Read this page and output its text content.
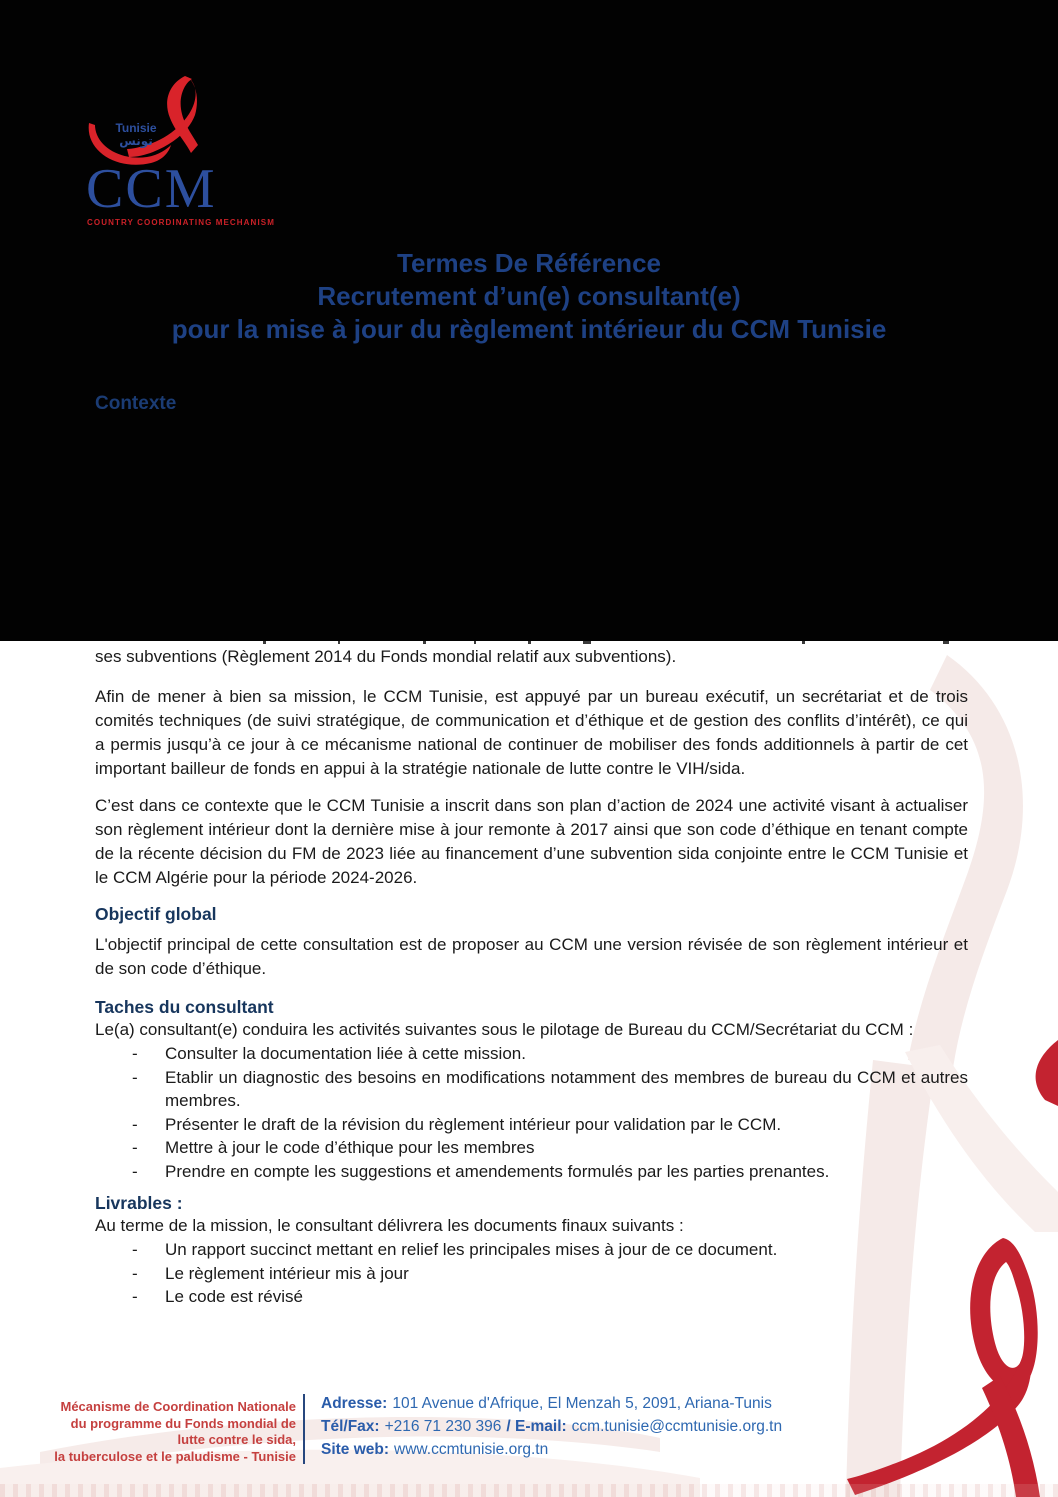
Tunisie
تونس
CCM
COUNTRY COORDINATING MECHANISM
Termes De Référence
Recrutement d’un(e) consultant(e)
pour la mise à jour du règlement intérieur du CCM Tunisie
Contexte

ses subventions (Règlement 2014 du Fonds mondial relatif aux subventions).

Afin de mener à bien sa mission, le CCM Tunisie, est appuyé par un bureau exécutif, un secrétariat et de trois comités techniques (de suivi stratégique, de communication et d’éthique et de gestion des conflits d’intérêt), ce qui a permis jusqu’à ce jour à ce mécanisme national de continuer de mobiliser des fonds additionnels à partir de cet important bailleur de fonds en appui à la stratégie nationale de lutte contre le VIH/sida.

C’est dans ce contexte que le CCM Tunisie a inscrit dans son plan d’action de 2024 une activité visant à actualiser son règlement intérieur dont la dernière mise à jour remonte à 2017 ainsi que son code d’éthique en tenant compte de la récente décision du FM de 2023 liée au financement d’une subvention sida conjointe entre le CCM Tunisie et le CCM Algérie pour la période 2024-2026.

Objectif global

L'objectif principal de cette consultation est de proposer au CCM une version révisée de son règlement intérieur et de son code d’éthique.

Taches du consultant

Le(a) consultant(e) conduira les activités suivantes sous le pilotage de Bureau du CCM/Secrétariat du CCM :

-	Consulter la documentation liée à cette mission.
-	Etablir un diagnostic des besoins en modifications notamment des membres de bureau du CCM et autres membres.
-	Présenter le draft de la révision du règlement intérieur pour validation par le CCM.
-	Mettre à jour le code d’éthique pour les membres
-	Prendre en compte les suggestions et amendements formulés par les parties prenantes.

Livrables :

Au terme de la mission, le consultant délivrera les documents finaux suivants :

-	Un rapport succinct mettant en relief les principales mises à jour de ce document.
-	Le règlement intérieur mis à jour
-	Le code est révisé
Mécanisme de Coordination Nationale
du programme du Fonds mondial de
lutte contre le sida,
la tuberculose et le paludisme - Tunisie
Adresse: 101 Avenue d'Afrique, El Menzah 5, 2091, Ariana-Tunis
Tél/Fax: +216 71 230 396 / E-mail: ccm.tunisie@ccmtunisie.org.tn
Site web: www.ccmtunisie.org.tn
